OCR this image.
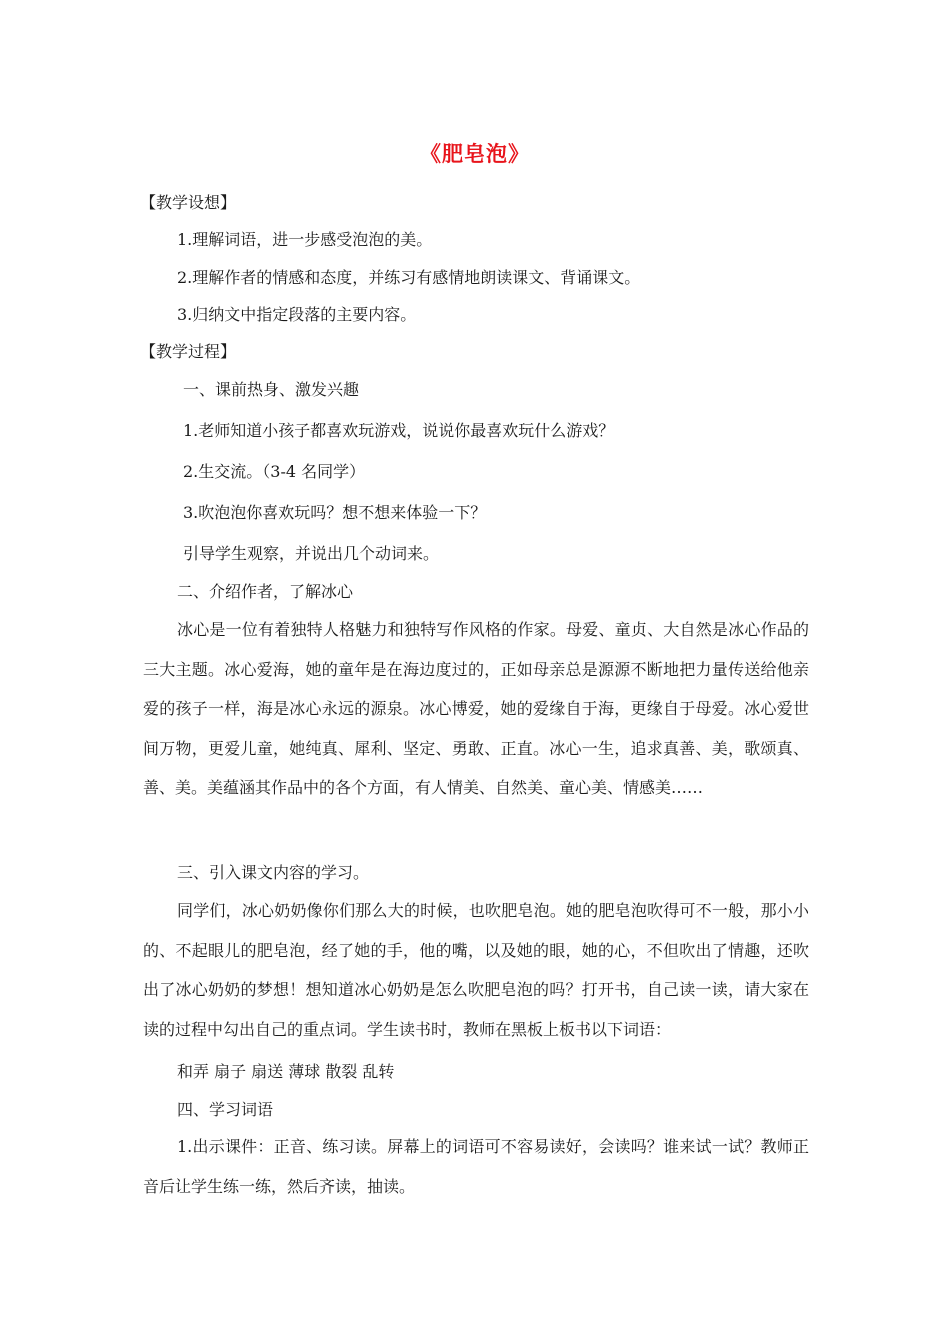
《肥皂泡》
【教学设想】
1.理解词语，进一步感受泡泡的美。
2.理解作者的情感和态度，并练习有感情地朗读课文、背诵课文。
3.归纳文中指定段落的主要内容。
【教学过程】
一、课前热身、激发兴趣
1.老师知道小孩子都喜欢玩游戏，说说你最喜欢玩什么游戏？
2.生交流。（3-4 名同学）
3.吹泡泡你喜欢玩吗？想不想来体验一下？
引导学生观察，并说出几个动词来。
二、介绍作者，了解冰心
冰心是一位有着独特人格魅力和独特写作风格的作家。母爱、童贞、大自然是冰心作品的三大主题。冰心爱海，她的童年是在海边度过的，正如母亲总是源源不断地把力量传送给他亲爱的孩子一样，海是冰心永远的源泉。冰心博爱，她的爱缘自于海，更缘自于母爱。冰心爱世间万物，更爱儿童，她纯真、犀利、坚定、勇敢、正直。冰心一生，追求真善、美，歌颂真、善、美。美蕴涵其作品中的各个方面，有人情美、自然美、童心美、情感美……
三、引入课文内容的学习。
同学们，冰心奶奶像你们那么大的时候，也吹肥皂泡。她的肥皂泡吹得可不一般，那小小的、不起眼儿的肥皂泡，经了她的手，他的嘴，以及她的眼，她的心，不但吹出了情趣，还吹出了冰心奶奶的梦想！想知道冰心奶奶是怎么吹肥皂泡的吗？打开书，自己读一读，请大家在读的过程中勾出自己的重点词。学生读书时，教师在黑板上板书以下词语：
和弄 扇子 扇送 薄球 散裂 乱转
四、学习词语
1.出示课件：正音、练习读。屏幕上的词语可不容易读好，会读吗？谁来试一试？教师正音后让学生练一练，然后齐读，抽读。
